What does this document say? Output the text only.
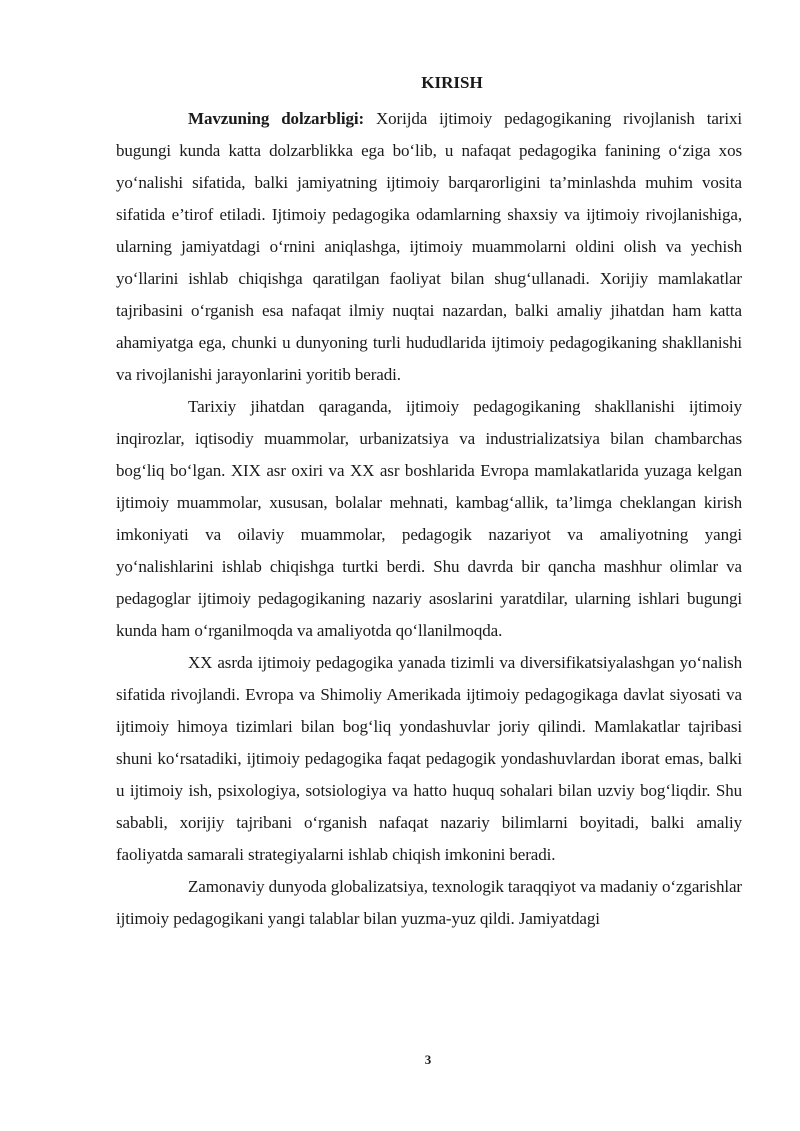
KIRISH

Mavzuning dolzarbligi: Xorijda ijtimoiy pedagogikaning rivojlanish tarixi bugungi kunda katta dolzarblikka ega bo‘lib, u nafaqat pedagogika fanining o‘ziga xos yo‘nalishi sifatida, balki jamiyatning ijtimoiy barqarorligini ta’minlashda muhim vosita sifatida e’tirof etiladi. Ijtimoiy pedagogika odamlarning shaxsiy va ijtimoiy rivojlanishiga, ularning jamiyatdagi o‘rnini aniqlashga, ijtimoiy muammolarni oldini olish va yechish yo‘llarini ishlab chiqishga qaratilgan faoliyat bilan shug‘ullanadi. Xorijiy mamlakatlar tajribasini o‘rganish esa nafaqat ilmiy nuqtai nazardan, balki amaliy jihatdan ham katta ahamiyatga ega, chunki u dunyoning turli hududlarida ijtimoiy pedagogikaning shakllanishi va rivojlanishi jarayonlarini yoritib beradi.

Tarixiy jihatdan qaraganda, ijtimoiy pedagogikaning shakllanishi ijtimoiy inqirozlar, iqtisodiy muammolar, urbanizatsiya va industrializatsiya bilan chambarchas bog‘liq bo‘lgan. XIX asr oxiri va XX asr boshlarida Evropa mamlakatlarida yuzaga kelgan ijtimoiy muammolar, xususan, bolalar mehnati, kambag‘allik, ta’limga cheklangan kirish imkoniyati va oilaviy muammolar, pedagogik nazariyot va amaliyotning yangi yo‘nalishlarini ishlab chiqishga turtki berdi. Shu davrda bir qancha mashhur olimlar va pedagoglar ijtimoiy pedagogikaning nazariy asoslarini yaratdilar, ularning ishlari bugungi kunda ham o‘rganilmoqda va amaliyotda qo‘llanilmoqda.

XX asrda ijtimoiy pedagogika yanada tizimli va diversifikatsiyalashgan yo‘nalish sifatida rivojlandi. Evropa va Shimoliy Amerikada ijtimoiy pedagogikaga davlat siyosati va ijtimoiy himoya tizimlari bilan bog‘liq yondashuvlar joriy qilindi. Mamlakatlar tajribasi shuni ko‘rsatadiki, ijtimoiy pedagogika faqat pedagogik yondashuvlardan iborat emas, balki u ijtimoiy ish, psixologiya, sotsiologiya va hatto huquq sohalari bilan uzviy bog‘liqdir. Shu sababli, xorijiy tajribani o‘rganish nafaqat nazariy bilimlarni boyitadi, balki amaliy faoliyatda samarali strategiyalarni ishlab chiqish imkonini beradi.

Zamonaviy dunyoda globalizatsiya, texnologik taraqqiyot va madaniy o‘zgarishlar ijtimoiy pedagogikani yangi talablar bilan yuzma-yuz qildi. Jamiyatdagi

3
